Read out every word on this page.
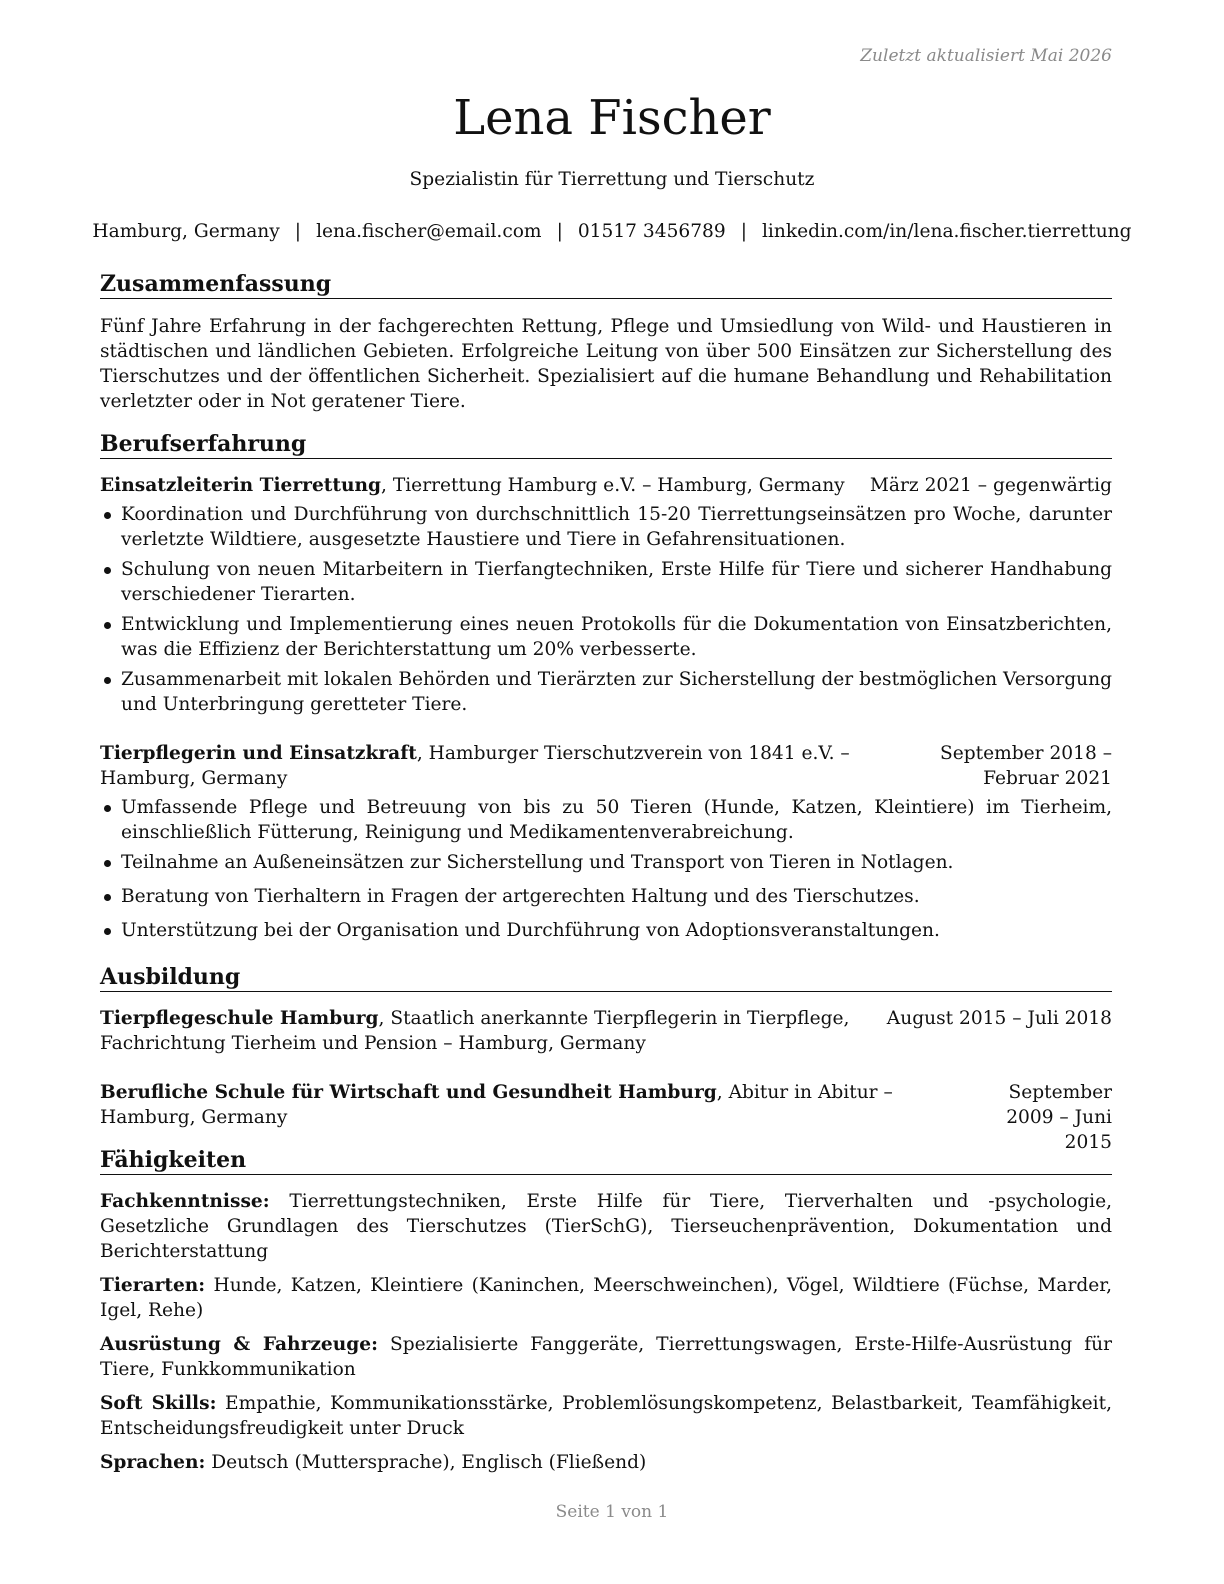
Zuletzt aktualisiert Mai 2026
Lena Fischer
Spezialistin für Tierrettung und Tierschutz
Hamburg, Germany | lena.fischer@email.com | 01517 3456789 | linkedin.com/in/lena.fischer.tierrettung
Zusammenfassung

Fünf Jahre Erfahrung in der fachgerechten Rettung, Pflege und Umsiedlung von Wild- und Haustieren in städtischen und ländlichen Gebieten. Erfolgreiche Leitung von über 500 Einsätzen zur Sicherstellung des Tierschutzes und der öffentlichen Sicherheit. Spezialisiert auf die humane Behandlung und Rehabilitation verletzter oder in Not geratener Tiere.

Berufserfahrung
Einsatzleiterin Tierrettung, Tierrettung Hamburg e.V. – Hamburg, Germany	März 2021 – gegenwärtig
Koordination und Durchführung von durchschnittlich 15-20 Tierrettungseinsätzen pro Woche, darunter verletzte Wildtiere, ausgesetzte Haustiere und Tiere in Gefahrensituationen.
Schulung von neuen Mitarbeitern in Tierfangtechniken, Erste Hilfe für Tiere und sicherer Handhabung verschiedener Tierarten.
Entwicklung und Implementierung eines neuen Protokolls für die Dokumentation von Einsatzberichten, was die Effizienz der Berichterstattung um 20% verbesserte.
Zusammenarbeit mit lokalen Behörden und Tierärzten zur Sicherstellung der bestmöglichen Versorgung und Unterbringung geretteter Tiere.
Tierpflegerin und Einsatzkraft, Hamburger Tierschutzverein von 1841 e.V. – Hamburg, Germany
September 2018 – Februar 2021
Umfassende Pflege und Betreuung von bis zu 50 Tieren (Hunde, Katzen, Kleintiere) im Tierheim, einschließlich Fütterung, Reinigung und Medikamentenverabreichung.
Teilnahme an Außeneinsätzen zur Sicherstellung und Transport von Tieren in Notlagen.
Beratung von Tierhaltern in Fragen der artgerechten Haltung und des Tierschutzes.
Unterstützung bei der Organisation und Durchführung von Adoptionsveranstaltungen.
Ausbildung
Tierpflegeschule Hamburg, Staatlich anerkannte Tierpflegerin in Tierpflege, Fachrichtung Tierheim und Pension – Hamburg, Germany
August 2015 – Juli 2018
Berufliche Schule für Wirtschaft und Gesundheit Hamburg, Abitur in Abitur – Hamburg, Germany
September 2009 – Juni 2015
Fähigkeiten

Fachkenntnisse: Tierrettungstechniken, Erste Hilfe für Tiere, Tierverhalten und -psychologie, Gesetzliche Grundlagen des Tierschutzes (TierSchG), Tierseuchenprävention, Dokumentation und Berichterstattung

Tierarten: Hunde, Katzen, Kleintiere (Kaninchen, Meerschweinchen), Vögel, Wildtiere (Füchse, Marder, Igel, Rehe)

Ausrüstung & Fahrzeuge: Spezialisierte Fanggeräte, Tierrettungswagen, Erste-Hilfe-Ausrüstung für Tiere, Funkkommunikation

Soft Skills: Empathie, Kommunikationsstärke, Problemlösungskompetenz, Belastbarkeit, Teamfähigkeit, Entscheidungsfreudigkeit unter Druck

Sprachen: Deutsch (Muttersprache), Englisch (Fließend)

Seite 1 von 1
